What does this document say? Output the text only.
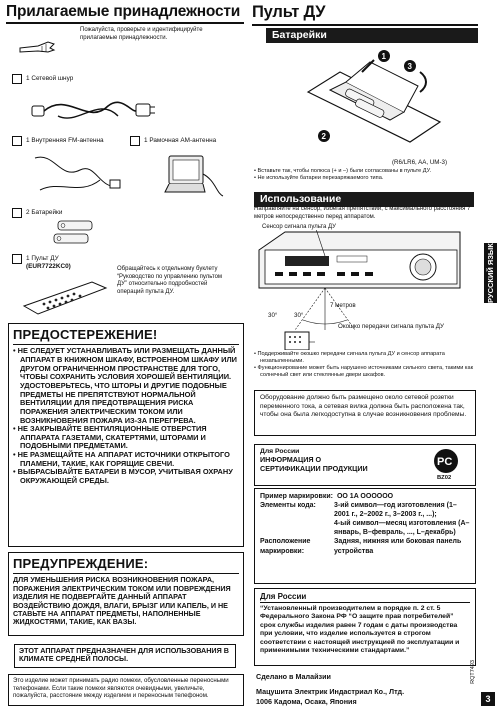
Прилагаемые принадлежности
Пожалуйста, проверьте и идентифицируйте прилагаемые принадлежности.
1 Сетевой шнур
1 Внутренняя FM-антенна	1 Рамочная AM-антенна
2 Батарейки
1 Пульт ДУ
(EUR7722KC0)	Обращайтесь к отдельному буклету “Руководство по управлению пультом ДУ” относительно подробностей операций пульта ДУ.
ПРЕДОСТЕРЕЖЕНИЕ!
• НЕ СЛЕДУЕТ УСТАНАВЛИВАТЬ ИЛИ РАЗМЕЩАТЬ ДАННЫЙ АППАРАТ В КНИЖНОМ ШКАФУ, ВСТРОЕННОМ ШКАФУ ИЛИ ДРУГОМ ОГРАНИЧЕННОМ ПРОСТРАНСТВЕ ДЛЯ ТОГО, ЧТОБЫ СОХРАНИТЬ УСЛОВИЯ ХОРОШЕЙ ВЕНТИЛЯЦИИ. УДОСТОВЕРЬТЕСЬ, ЧТО ШТОРЫ И ДРУГИЕ ПОДОБНЫЕ ПРЕДМЕТЫ НЕ ПРЕПЯТСТВУЮТ НОРМАЛЬНОЙ ВЕНТИЛЯЦИИ ДЛЯ ПРЕДОТВРАЩЕНИЯ РИСКА ПОРАЖЕНИЯ ЭЛЕКТРИЧЕСКИМ ТОКОМ ИЛИ ВОЗНИКНОВЕНИЯ ПОЖАРА ИЗ-ЗА ПЕРЕГРЕВА.
• НЕ ЗАКРЫВАЙТЕ ВЕНТИЛЯЦИОННЫЕ ОТВЕРСТИЯ АППАРАТА ГАЗЕТАМИ, СКАТЕРТЯМИ, ШТОРАМИ И ПОДОБНЫМИ ПРЕДМЕТАМИ.
• НЕ РАЗМЕЩАЙТЕ НА АППАРАТ ИСТОЧНИКИ ОТКРЫТОГО ПЛАМЕНИ, ТАКИЕ, КАК ГОРЯЩИЕ СВЕЧИ.
• ВЫБРАСЫВАЙТЕ БАТАРЕИ В МУСОР, УЧИТЫВАЯ ОХРАНУ ОКРУЖАЮЩЕЙ СРЕДЫ.
ПРЕДУПРЕЖДЕНИЕ:
ДЛЯ УМЕНЬШЕНИЯ РИСКА ВОЗНИКНОВЕНИЯ ПОЖАРА, ПОРАЖЕНИЯ ЭЛЕКТРИЧЕСКИМ ТОКОМ ИЛИ ПОВРЕЖДЕНИЯ ИЗДЕЛИЯ НЕ ПОДВЕРГАЙТЕ ДАННЫЙ АППАРАТ ВОЗДЕЙСТВИЮ ДОЖДЯ, ВЛАГИ, БРЫЗГ ИЛИ КАПЕЛЬ, И НЕ СТАВЬТЕ НА АППАРАТ ПРЕДМЕТЫ, НАПОЛНЕННЫЕ ЖИДКОСТЯМИ, ТАКИЕ, КАК ВАЗЫ.
ЭТОТ АППАРАТ ПРЕДНАЗНАЧЕН ДЛЯ ИСПОЛЬЗОВАНИЯ В КЛИМАТЕ СРЕДНЕЙ ПОЛОСЫ.
Это изделие может принимать радио помехи, обусловленные переносными телефонами. Если такие помехи являются очевидными, увеличьте, пожалуйста, расстояние между изделием и переносным телефоном.
Пульт ДУ
Батарейки
1
2
3
(R6/LR6, AA, UM-3)
• Вставьте так, чтобы полюса (+ и –) были согласованы в пульте ДУ.
• Не используйте батареи перезаряжаемого типа.
Использование
Направляйте на сенсор, избегая препятствий, с максимального расстояния 7 метров непосредственно перед аппаратом.
Сенсор сигнала пульта ДУ
7 метров
30°	30°
Окошко передачи сигнала пульта ДУ
• Поддерживайте окошко передачи сигнала пульта ДУ и сенсор аппарата незапыленными.
• Функционирование может быть нарушено источниками сильного света, такими как солнечный свет или стеклянные двери шкафов.
Оборудование должно быть размещено около сетевой розетки переменного тока, а сетевая вилка должна быть расположена так, чтобы она была легкодоступна в случае возникновения проблемы.
Для России
ИНФОРМАЦИЯ О СЕРТИФИКАЦИИ ПРОДУКЦИИ
PC
BZ02
Пример маркировки: OO 1A OOOOOO
Элементы кода:	3-ий символ—год изготовления (1–2001 г., 2–2002 г., 3–2003 г., ...);
4-ый символ—месяц изготовления (А–январь, В–февраль, ..., L–декабрь)
Расположение маркировки:
Задняя, нижняя или боковая панель устройства
Для России
“Установленный производителем в порядке п. 2 ст. 5 Федерального Закона РФ “О защите прав потребителей” срок службы изделия равен 7 годам с даты производства при условии, что изделие используется в строгом соответствии с настоящей инструкцией по эксплуатации и применимыми техническими стандартами.”
Сделано в Малайзии
Мацушита Электрик Индастриал Ко., Лтд.
1006 Кадома, Осака, Япония
РУССКИЙ ЯЗЫК
RQT7493
3
